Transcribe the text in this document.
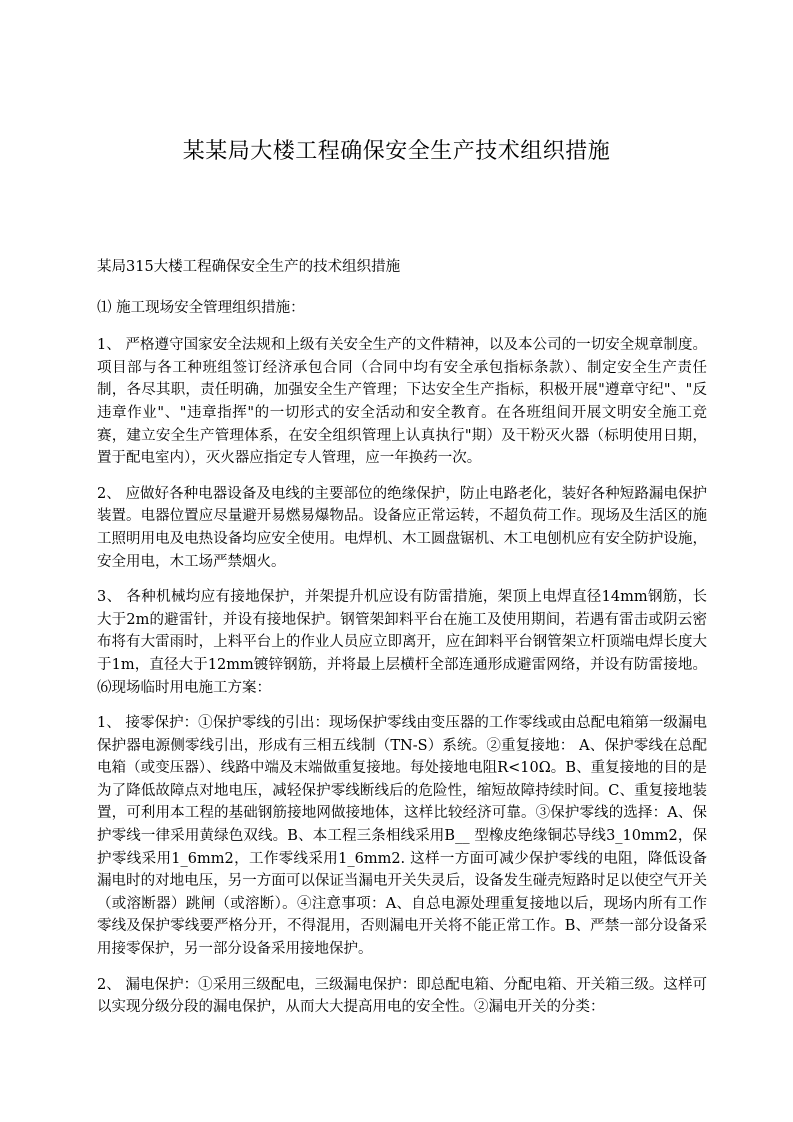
某某局大楼工程确保安全生产技术组织措施

某局315大楼工程确保安全生产的技术组织措施

⑴ 施工现场安全管理组织措施：

1、 严格遵守国家安全法规和上级有关安全生产的文件精神，以及本公司的一切安全规章制度。项目部与各工种班组签订经济承包合同（合同中均有安全承包指标条款）、制定安全生产责任制，各尽其职，责任明确，加强安全生产管理；下达安全生产指标，积极开展"遵章守纪"、"反违章作业"、"违章指挥"的一切形式的安全活动和安全教育。在各班组间开展文明安全施工竞赛，建立安全生产管理体系，在安全组织管理上认真执行"期）及干粉灭火器（标明使用日期，置于配电室内），灭火器应指定专人管理，应一年换药一次。

2、 应做好各种电器设备及电线的主要部位的绝缘保护，防止电路老化，装好各种短路漏电保护装置。电器位置应尽量避开易燃易爆物品。设备应正常运转，不超负荷工作。现场及生活区的施工照明用电及电热设备均应安全使用。电焊机、木工圆盘锯机、木工电刨机应有安全防护设施，安全用电，木工场严禁烟火。

3、 各种机械均应有接地保护，并架提升机应设有防雷措施，架顶上电焊直径14mm钢筋，长大于2m的避雷针，并设有接地保护。钢管架卸料平台在施工及使用期间，若遇有雷击或阴云密布将有大雷雨时，上料平台上的作业人员应立即离开，应在卸料平台钢管架立杆顶端电焊长度大于1m，直径大于12mm镀锌钢筋，并将最上层横杆全部连通形成避雷网络，并设有防雷接地。⑹现场临时用电施工方案：

1、 接零保护：①保护零线的引出：现场保护零线由变压器的工作零线或由总配电箱第一级漏电保护器电源侧零线引出，形成有三相五线制（TN-S）系统。②重复接地： A、保护零线在总配电箱（或变压器）、线路中端及末端做重复接地。每处接地电阻R<10Ω。B、重复接地的目的是为了降低故障点对地电压，减轻保护零线断线后的危险性，缩短故障持续时间。C、重复接地装置，可利用本工程的基础钢筋接地网做接地体，这样比较经济可靠。③保护零线的选择：A、保护零线一律采用黄绿色双线。B、本工程三条相线采用B__ 型橡皮绝缘铜芯导线3_10mm2，保护零线采用1_6mm2，工作零线采用1_6mm2. 这样一方面可减少保护零线的电阻，降低设备漏电时的对地电压，另一方面可以保证当漏电开关失灵后，设备发生碰壳短路时足以使空气开关（或溶断器）跳闸（或溶断）。④注意事项：A、自总电源处理重复接地以后，现场内所有工作零线及保护零线要严格分开，不得混用，否则漏电开关将不能正常工作。B、严禁一部分设备采用接零保护，另一部分设备采用接地保护。

2、 漏电保护：①采用三级配电，三级漏电保护：即总配电箱、分配电箱、开关箱三级。这样可以实现分级分段的漏电保护，从而大大提高用电的安全性。②漏电开关的分类：
